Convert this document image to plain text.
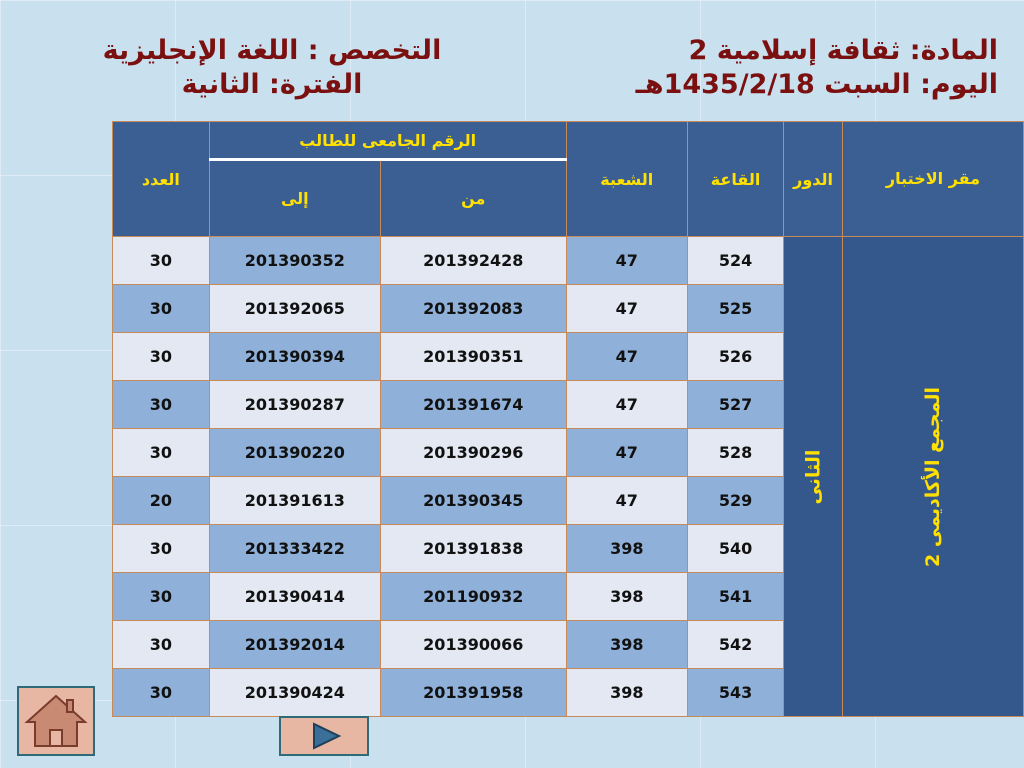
المادة: ثقافة إسلامية 2
اليوم: السبت 1435/2/18هـ
التخصص : اللغة الإنجليزية
الفترة: الثانية
العدد	الرقم الجامعى للطالب		الشعبة	القاعة	الدور	مقر الاختبار
	إلى	من				
30	201390352	201392428	47	524	الثانى	المجمع الأكاديمى 2
30	201392065	201392083	47	525		
30	201390394	201390351	47	526		
30	201390287	201391674	47	527		
30	201390220	201390296	47	528		
20	201391613	201390345	47	529		
30	201333422	201391838	398	540		
30	201390414	201190932	398	541		
30	201392014	201390066	398	542		
30	201390424	201391958	398	543		
